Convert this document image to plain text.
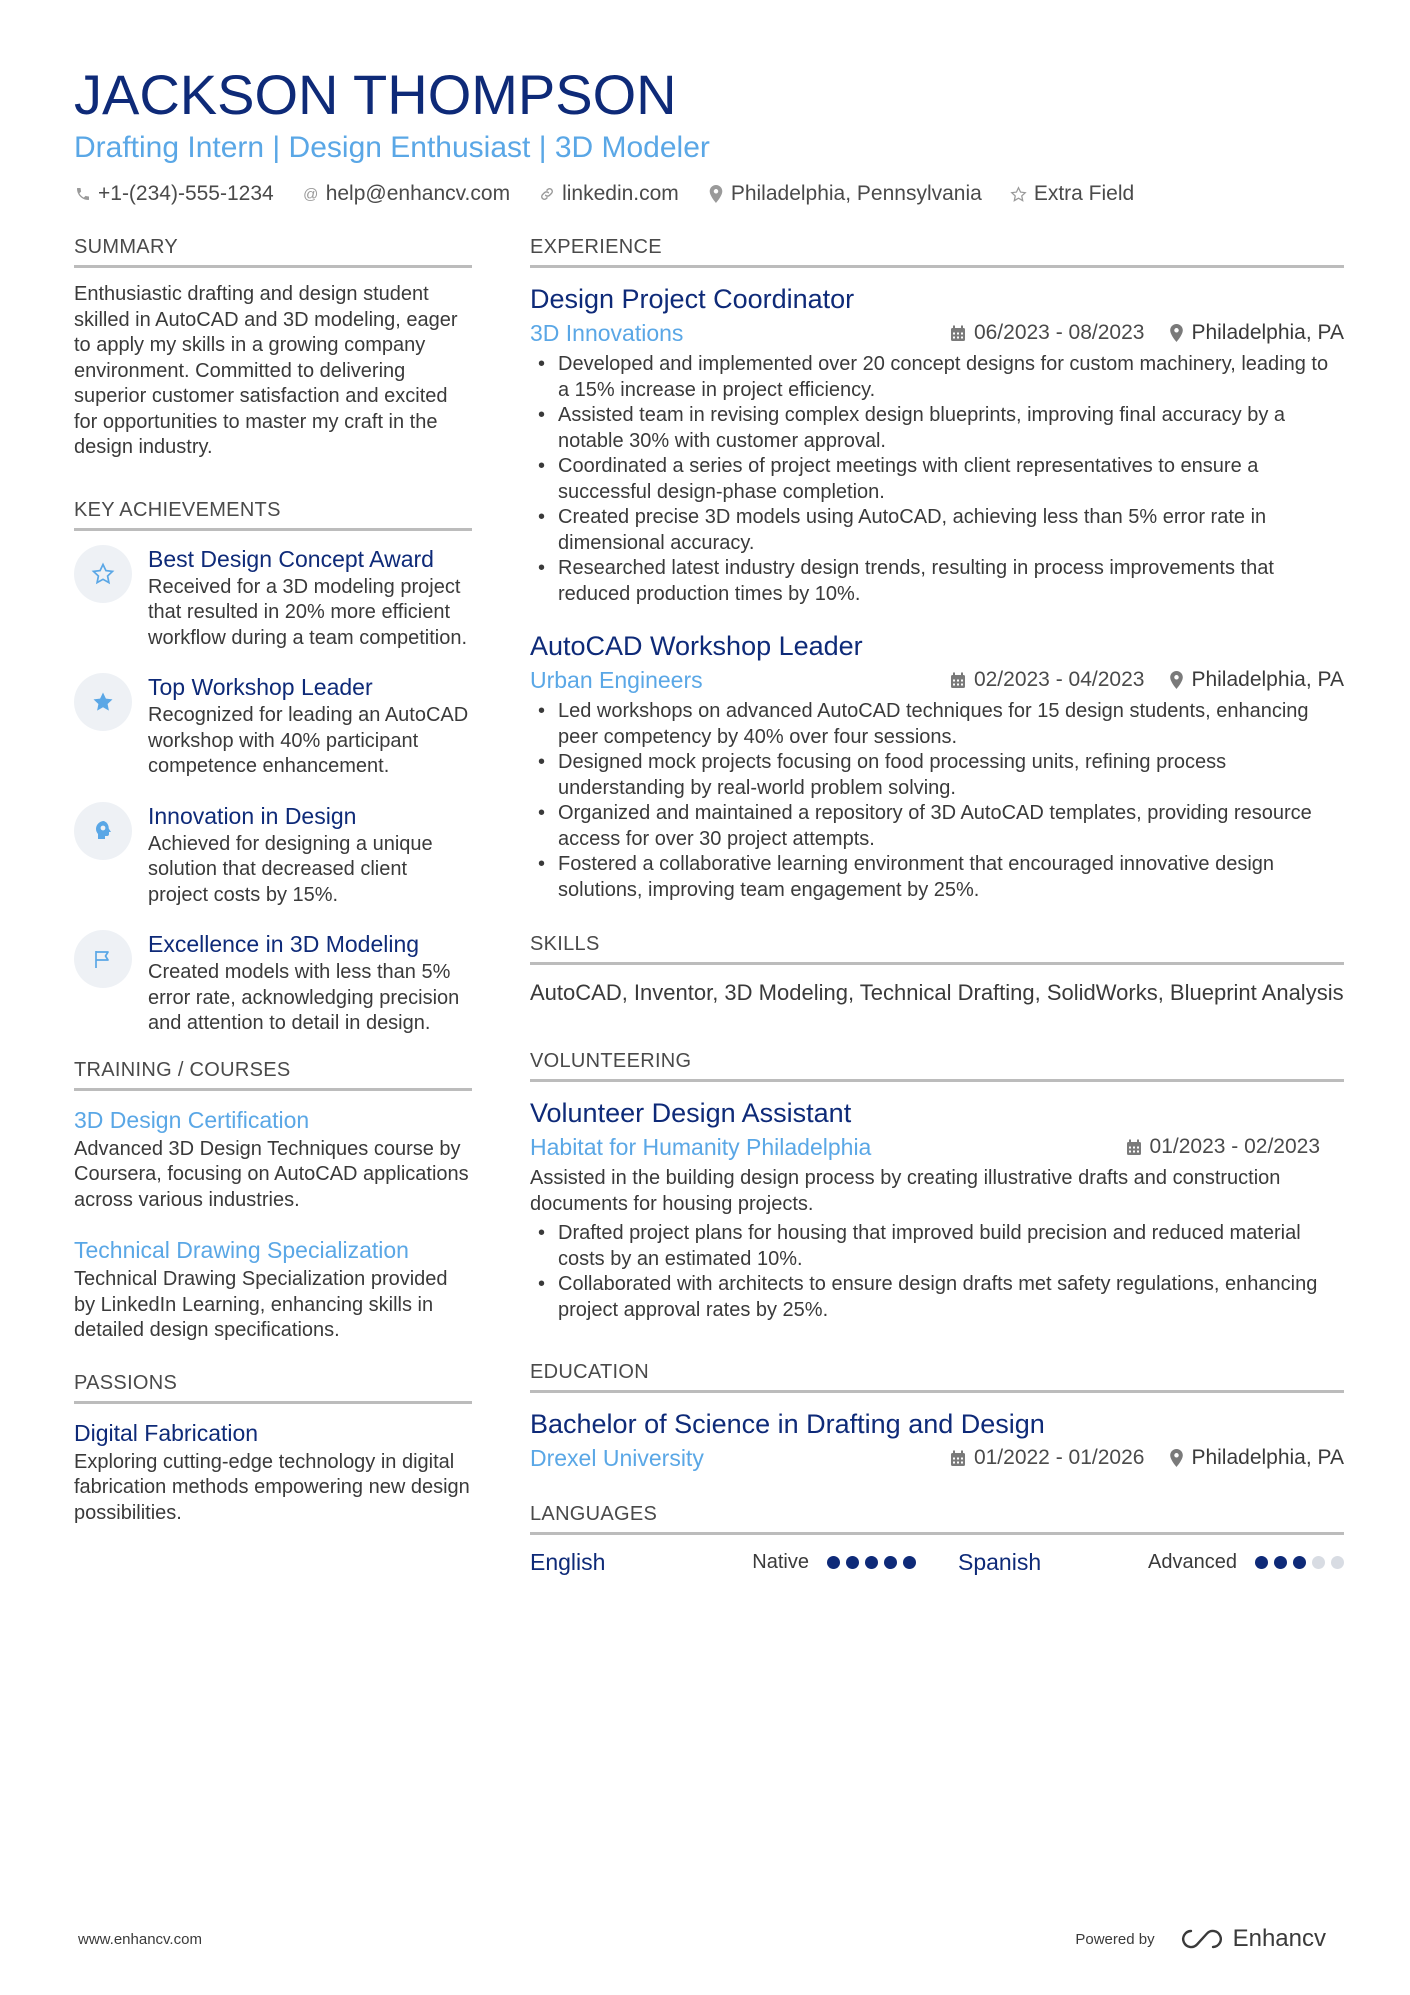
JACKSON THOMPSON
Drafting Intern | Design Enthusiast | 3D Modeler
+1-(234)-555-1234 @ help@enhancv.com linkedin.com Philadelphia, Pennsylvania Extra Field
SUMMARY
Enthusiastic drafting and design student skilled in AutoCAD and 3D modeling, eager to apply my skills in a growing company environment. Committed to delivering superior customer satisfaction and excited for opportunities to master my craft in the design industry.
KEY ACHIEVEMENTS
Best Design Concept Award
Received for a 3D modeling project that resulted in 20% more efficient workflow during a team competition.
Top Workshop Leader
Recognized for leading an AutoCAD workshop with 40% participant competence enhancement.
Innovation in Design
Achieved for designing a unique solution that decreased client project costs by 15%.
Excellence in 3D Modeling
Created models with less than 5% error rate, acknowledging precision and attention to detail in design.
TRAINING / COURSES
3D Design Certification
Advanced 3D Design Techniques course by Coursera, focusing on AutoCAD applications across various industries.
Technical Drawing Specialization
Technical Drawing Specialization provided by LinkedIn Learning, enhancing skills in detailed design specifications.
PASSIONS
Digital Fabrication
Exploring cutting-edge technology in digital fabrication methods empowering new design possibilities.
EXPERIENCE
Design Project Coordinator
3D Innovations	06/2023 - 08/2023 Philadelphia, PA
• Developed and implemented over 20 concept designs for custom machinery, leading to a 15% increase in project efficiency.
• Assisted team in revising complex design blueprints, improving final accuracy by a notable 30% with customer approval.
• Coordinated a series of project meetings with client representatives to ensure a successful design-phase completion.
• Created precise 3D models using AutoCAD, achieving less than 5% error rate in dimensional accuracy.
• Researched latest industry design trends, resulting in process improvements that reduced production times by 10%.
AutoCAD Workshop Leader
Urban Engineers	02/2023 - 04/2023 Philadelphia, PA
• Led workshops on advanced AutoCAD techniques for 15 design students, enhancing peer competency by 40% over four sessions.
• Designed mock projects focusing on food processing units, refining process understanding by real-world problem solving.
• Organized and maintained a repository of 3D AutoCAD templates, providing resource access for over 30 project attempts.
• Fostered a collaborative learning environment that encouraged innovative design solutions, improving team engagement by 25%.
SKILLS
AutoCAD, Inventor, 3D Modeling, Technical Drafting, SolidWorks, Blueprint Analysis
VOLUNTEERING
Volunteer Design Assistant
Habitat for Humanity Philadelphia	01/2023 - 02/2023
Assisted in the building design process by creating illustrative drafts and construction documents for housing projects.
• Drafted project plans for housing that improved build precision and reduced material costs by an estimated 10%.
• Collaborated with architects to ensure design drafts met safety regulations, enhancing project approval rates by 25%.
EDUCATION
Bachelor of Science in Drafting and Design
Drexel University	01/2022 - 01/2026 Philadelphia, PA
LANGUAGES
English	Native	Spanish	Advanced
www.enhancv.com	Powered by	Enhancv
